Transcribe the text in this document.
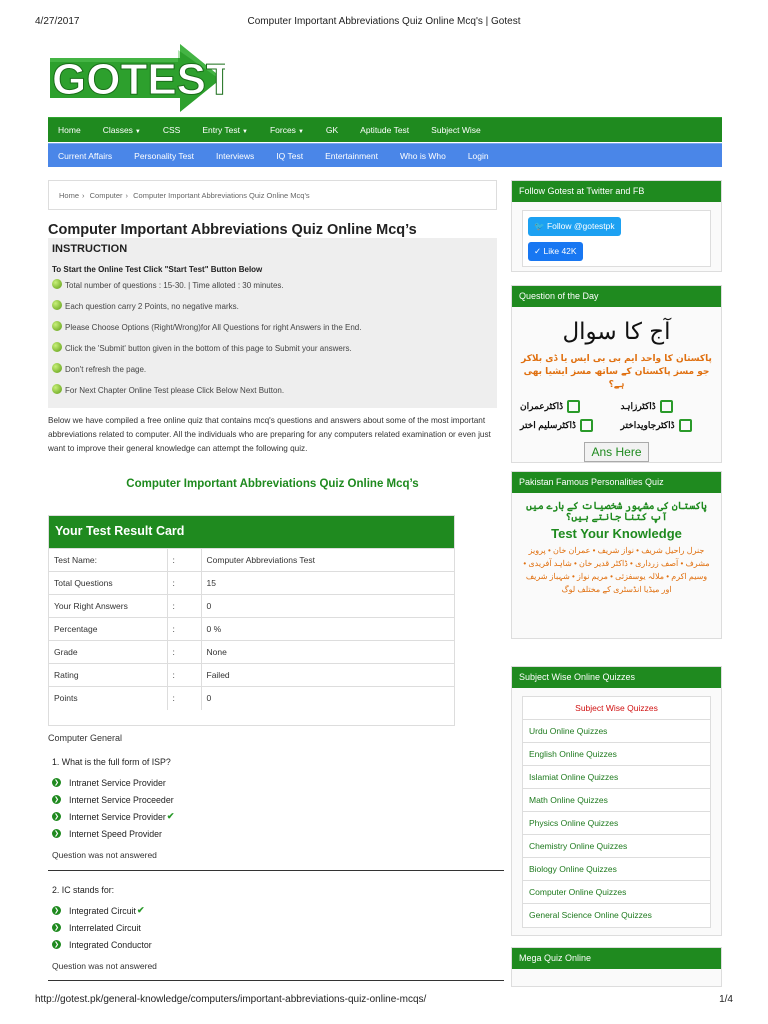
4/27/2017	Computer Important Abbreviations Quiz Online Mcq's | Gotest
GOTEST
Home	Classes ▼	CSS	Entry Test ▼	Forces ▼	GK	Aptitude Test	Subject Wise
Current Affairs	Personality Test	Interviews	IQ Test	Entertainment	Who is Who	Login
Home › Computer › Computer Important Abbreviations Quiz Online Mcq's
Computer Important Abbreviations Quiz Online Mcq’s
INSTRUCTION
To Start the Online Test Click "Start Test" Button Below
Total number of questions : 15-30. | Time alloted : 30 minutes.
Each question carry 2 Points, no negative marks.
Please Choose Options (Right/Wrong)for All Questions for right Answers in the End.
Click the 'Submit' button given in the bottom of this page to Submit your answers.
Don't refresh the page.
For Next Chapter Online Test please Click Below Next Button.
Below we have compiled a free online quiz that contains mcq's questions and answers about some of the most important abbreviations related to computer. All the individuals who are preparing for any computers related examination or even just want to improve their general knowledge can attempt the following quiz.
Computer Important Abbreviations Quiz Online Mcq’s
Your Test Result Card
Test Name:	:	Computer Abbreviations Test
Total Questions	:	15
Your Right Answers	:	0
Percentage	:	0 %
Grade	:	None
Rating	:	Failed
Points	:	0
Computer General
1. What is the full form of ISP?
❯ Intranet Service Provider
❯ Internet Service Proceeder
❯ Internet Service Provider ✔
❯ Internet Speed Provider
Question was not answered
2. IC stands for:
❯ Integrated Circuit ✔
❯ Interrelated Circuit
❯ Integrated Conductor
Question was not answered
Follow Gotest at Twitter and FB
🐦 Follow @gotestpk
✓ Like 42K
Question of the Day
آج کا سوال
پاکستان کا واحد ایم بی بی ایس یا ڈی بلاکر جو مسز پاکستان کے ساتھ مسز ایشیا بھی ہے؟
ڈاکٹرزاہد
ڈاکٹرعمران
ڈاکٹرجاویداختر
ڈاکٹرسلیم اختر
Ans Here
Pakistan Famous Personalities Quiz
پاکستان کی مشہور شخصیات کے بارے میں آپ کتنا جانتے ہیں؟
Test Your Knowledge
جنرل راحیل شریف • نواز شریف • عمران خان • پرویز مشرف • آصف زرداری • ڈاکٹر قدیر خان • شاہد آفریدی • وسیم اکرم • ملالہ یوسفزئی • مریم نواز • شہباز شریف اور میڈیا انڈسٹری کے مختلف لوگ
Subject Wise Online Quizzes
Subject Wise Quizzes
Urdu Online Quizzes
English Online Quizzes
Islamiat Online Quizzes
Math Online Quizzes
Physics Online Quizzes
Chemistry Online Quizzes
Biology Online Quizzes
Computer Online Quizzes
General Science Online Quizzes
Mega Quiz Online
http://gotest.pk/general-knowledge/computers/important-abbreviations-quiz-online-mcqs/	1/4
